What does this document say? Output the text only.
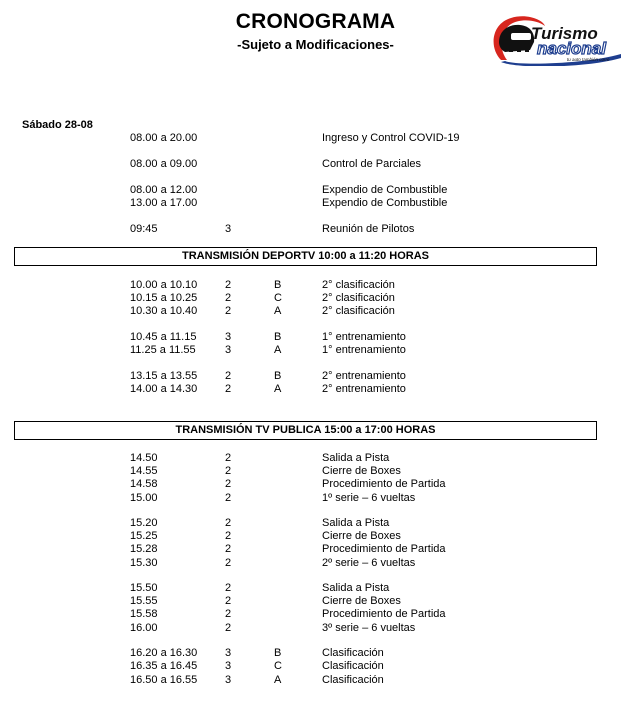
CRONOGRAMA
-Sujeto a Modificaciones-
Turismo
nacional
tu auto también corre
Sábado 28-08
08.00 a 20.00	Ingreso y Control COVID-19
08.00 a 09.00	Control de Parciales
08.00 a 12.00	Expendio de Combustible
13.00 a 17.00	Expendio de Combustible
09:45	3	Reunión de Pilotos
TRANSMISIÓN DEPORTV 10:00 a 11:20 HORAS
10.00 a 10.10	2	B	2° clasificación
10.15 a 10.25	2	C	2° clasificación
10.30 a 10.40	2	A	2° clasificación
10.45 a 11.15	3	B	1° entrenamiento
11.25 a 11.55	3	A	1° entrenamiento
13.15 a 13.55	2	B	2° entrenamiento
14.00 a 14.30	2	A	2° entrenamiento
TRANSMISIÓN TV PUBLICA 15:00 a 17:00 HORAS
14.50	2	Salida a Pista
14.55	2	Cierre de Boxes
14.58	2	Procedimiento de Partida
15.00	2	1º serie – 6 vueltas
15.20	2	Salida a Pista
15.25	2	Cierre de Boxes
15.28	2	Procedimiento de Partida
15.30	2	2º serie – 6 vueltas
15.50	2	Salida a Pista
15.55	2	Cierre de Boxes
15.58	2	Procedimiento de Partida
16.00	2	3º serie – 6 vueltas
16.20 a 16.30	3	B	Clasificación
16.35 a 16.45	3	C	Clasificación
16.50 a 16.55	3	A	Clasificación
